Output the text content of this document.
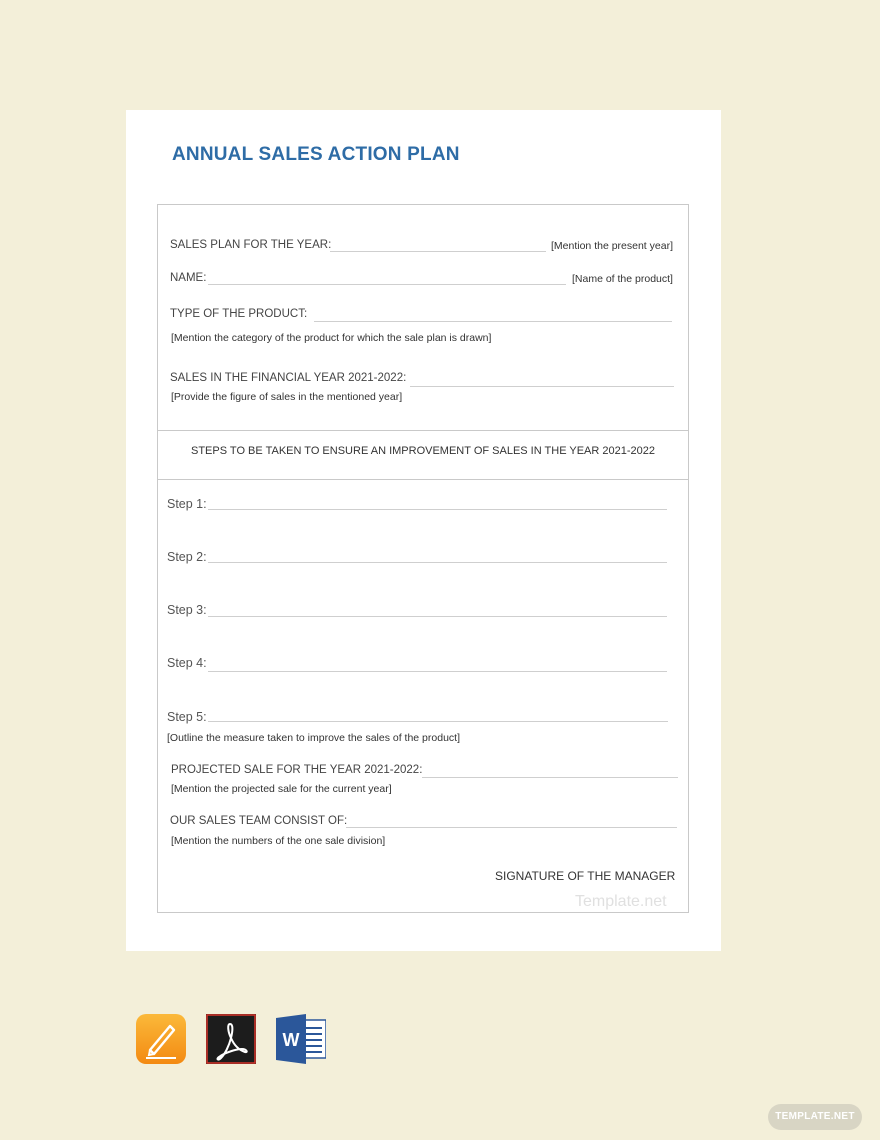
ANNUAL SALES ACTION PLAN
SALES PLAN FOR THE YEAR:	[Mention the present year]
NAME:	[Name of the product]
TYPE OF THE PRODUCT:
[Mention the category of the product for which the sale plan is drawn]
SALES IN THE FINANCIAL YEAR 2021-2022:
[Provide the figure of sales in the mentioned year]
STEPS TO BE TAKEN TO ENSURE AN IMPROVEMENT OF SALES IN THE YEAR 2021-2022
Step 1:
Step 2:
Step 3:
Step 4:
Step 5:
[Outline the measure taken to improve the sales of the product]
PROJECTED SALE FOR THE YEAR 2021-2022:
[Mention the projected sale for the current year]
OUR SALES TEAM CONSIST OF:
[Mention the numbers of the one sale division]
SIGNATURE OF THE MANAGER
Template.net
W
TEMPLATE.NET
